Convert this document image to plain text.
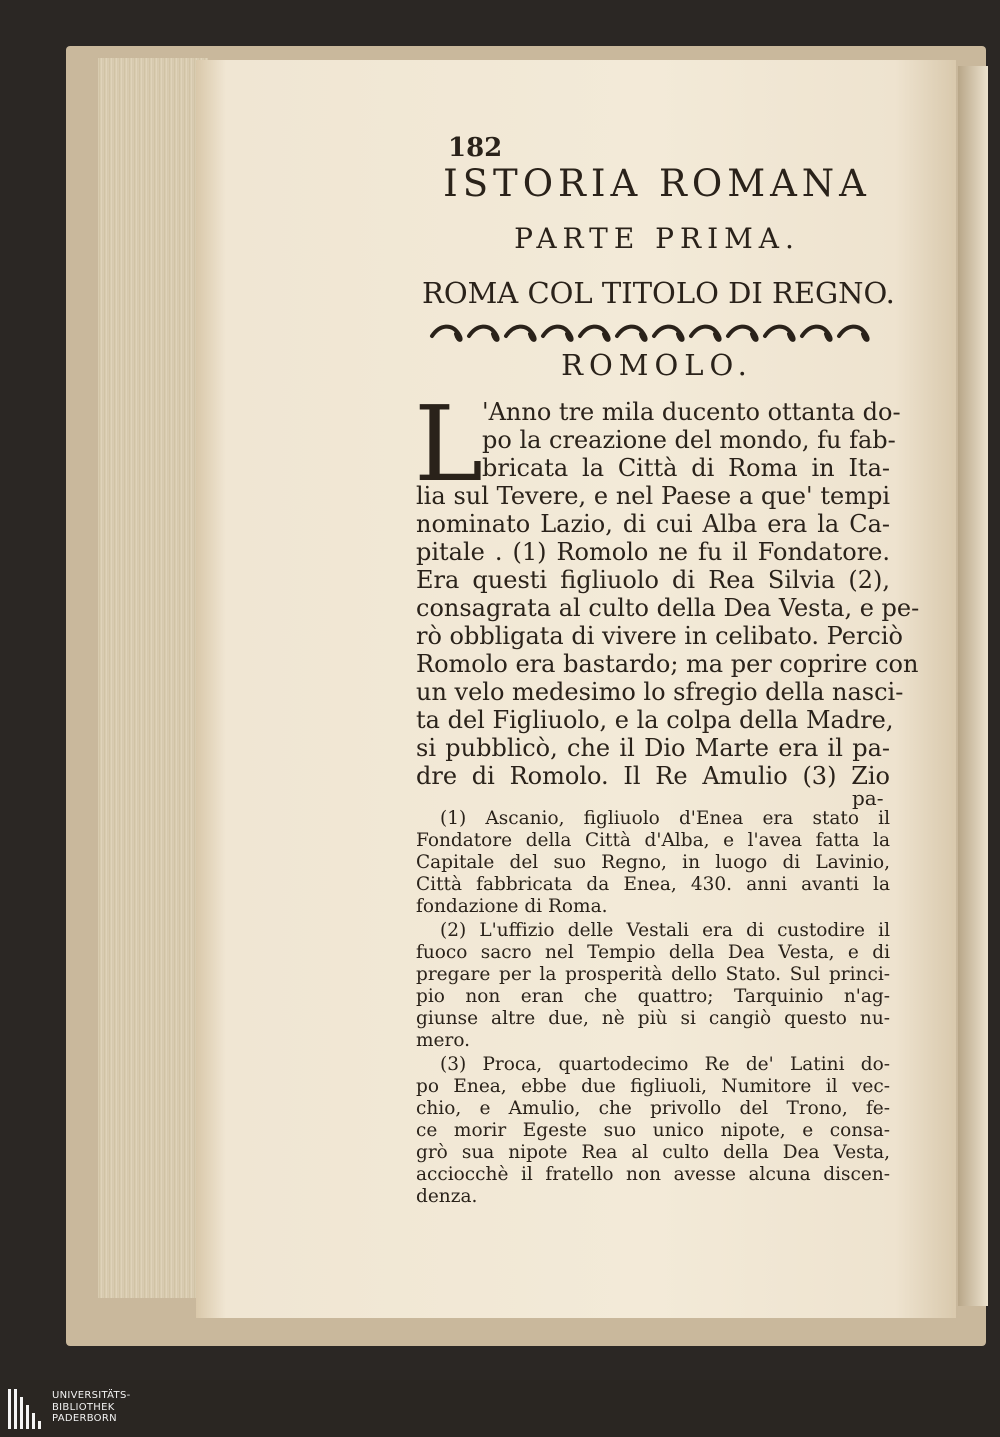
182
ISTORIA ROMANA
PARTE PRIMA.
ROMA COL TITOLO DI REGNO.
ROMOLO.
L
'Anno tre mila ducento ottanta do-
po la creazione del mondo, fu fab-
bricata la Città di Roma in Ita-
lia sul Tevere, e nel Paese a que' tempi
nominato Lazio, di cui Alba era la Ca-
pitale . (1) Romolo ne fu il Fondatore.
Era questi figliuolo di Rea Silvia (2),
consagrata al culto della Dea Vesta, e pe-
rò obbligata di vivere in celibato. Perciò
Romolo era bastardo; ma per coprire con
un velo medesimo lo sfregio della nasci-
ta del Figliuolo, e la colpa della Madre,
si pubblicò, che il Dio Marte era il pa-
dre di Romolo. Il Re Amulio (3) Zio
pa-
(1) Ascanio, figliuolo d'Enea era stato il
Fondatore della Città d'Alba, e l'avea fatta la
Capitale del suo Regno, in luogo di Lavinio,
Città fabbricata da Enea, 430. anni avanti la
fondazione di Roma.
(2) L'uffizio delle Vestali era di custodire il
fuoco sacro nel Tempio della Dea Vesta, e di
pregare per la prosperità dello Stato. Sul princi-
pio non eran che quattro; Tarquinio n'ag-
giunse altre due, nè più si cangiò questo nu-
mero.
(3) Proca, quartodecimo Re de' Latini do-
po Enea, ebbe due figliuoli, Numitore il vec-
chio, e Amulio, che privollo del Trono, fe-
ce morir Egeste suo unico nipote, e consa-
grò sua nipote Rea al culto della Dea Vesta,
acciocchè il fratello non avesse alcuna discen-
denza.
UNIVERSITÄTS-
BIBLIOTHEK
PADERBORN
